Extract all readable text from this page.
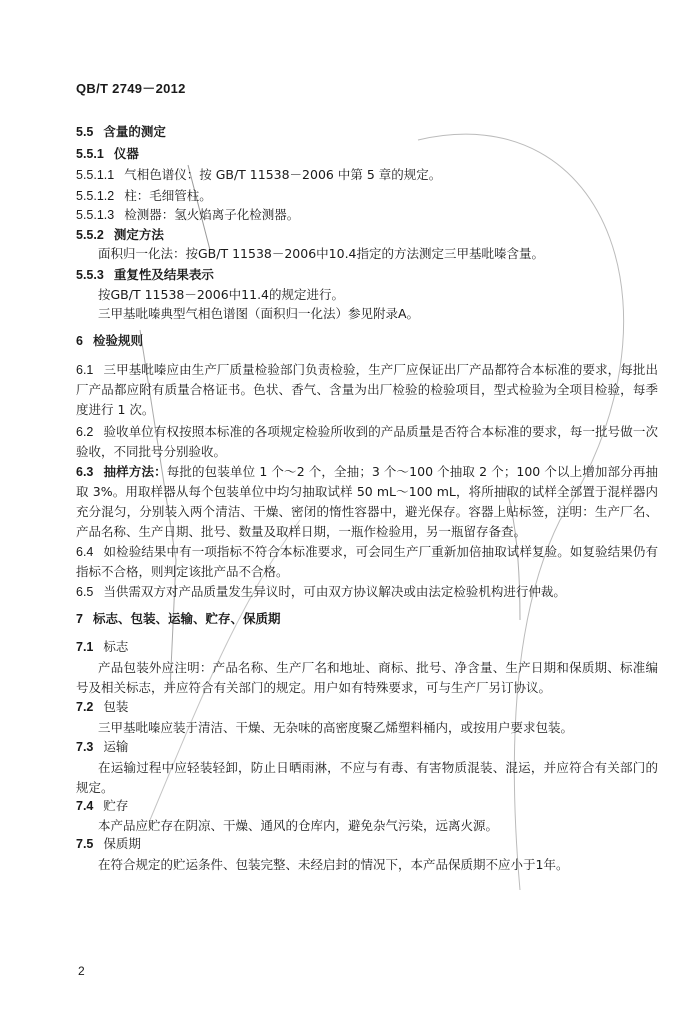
QB/T 2749－2012
5.5 含量的测定
5.5.1 仪器
5.5.1.1 气相色谱仪：按 GB/T 11538－2006 中第 5 章的规定。
5.5.1.2 柱：毛细管柱。
5.5.1.3 检测器：氢火焰离子化检测器。
5.5.2 测定方法
面积归一化法：按GB/T 11538－2006中10.4指定的方法测定三甲基吡嗪含量。
5.5.3 重复性及结果表示
按GB/T 11538－2006中11.4的规定进行。
三甲基吡嗪典型气相色谱图（面积归一化法）参见附录A。
6 检验规则
6.1 三甲基吡嗪应由生产厂质量检验部门负责检验，生产厂应保证出厂产品都符合本标准的要求，每批出厂产品都应附有质量合格证书。色状、香气、含量为出厂检验的检验项目，型式检验为全项目检验，每季度进行 1 次。
6.2 验收单位有权按照本标准的各项规定检验所收到的产品质量是否符合本标准的要求，每一批号做一次验收，不同批号分别验收。
6.3 抽样方法：每批的包装单位 1 个～2 个，全抽；3 个～100 个抽取 2 个；100 个以上增加部分再抽取 3%。用取样器从每个包装单位中均匀抽取试样 50 mL～100 mL，将所抽取的试样全部置于混样器内充分混匀，分别装入两个清洁、干燥、密闭的惰性容器中，避光保存。容器上贴标签，注明：生产厂名、产品名称、生产日期、批号、数量及取样日期，一瓶作检验用，另一瓶留存备查。
6.4 如检验结果中有一项指标不符合本标准要求，可会同生产厂重新加倍抽取试样复验。如复验结果仍有指标不合格，则判定该批产品不合格。
6.5 当供需双方对产品质量发生异议时，可由双方协议解决或由法定检验机构进行仲裁。
7 标志、包装、运输、贮存、保质期
7.1 标志
产品包装外应注明：产品名称、生产厂名和地址、商标、批号、净含量、生产日期和保质期、标准编号及相关标志，并应符合有关部门的规定。用户如有特殊要求，可与生产厂另订协议。
7.2 包装
三甲基吡嗪应装于清洁、干燥、无杂味的高密度聚乙烯塑料桶内，或按用户要求包装。
7.3 运输
在运输过程中应轻装轻卸，防止日晒雨淋，不应与有毒、有害物质混装、混运，并应符合有关部门的规定。
7.4 贮存
本产品应贮存在阴凉、干燥、通风的仓库内，避免杂气污染，远离火源。
7.5 保质期
在符合规定的贮运条件、包装完整、未经启封的情况下，本产品保质期不应小于1年。
2
